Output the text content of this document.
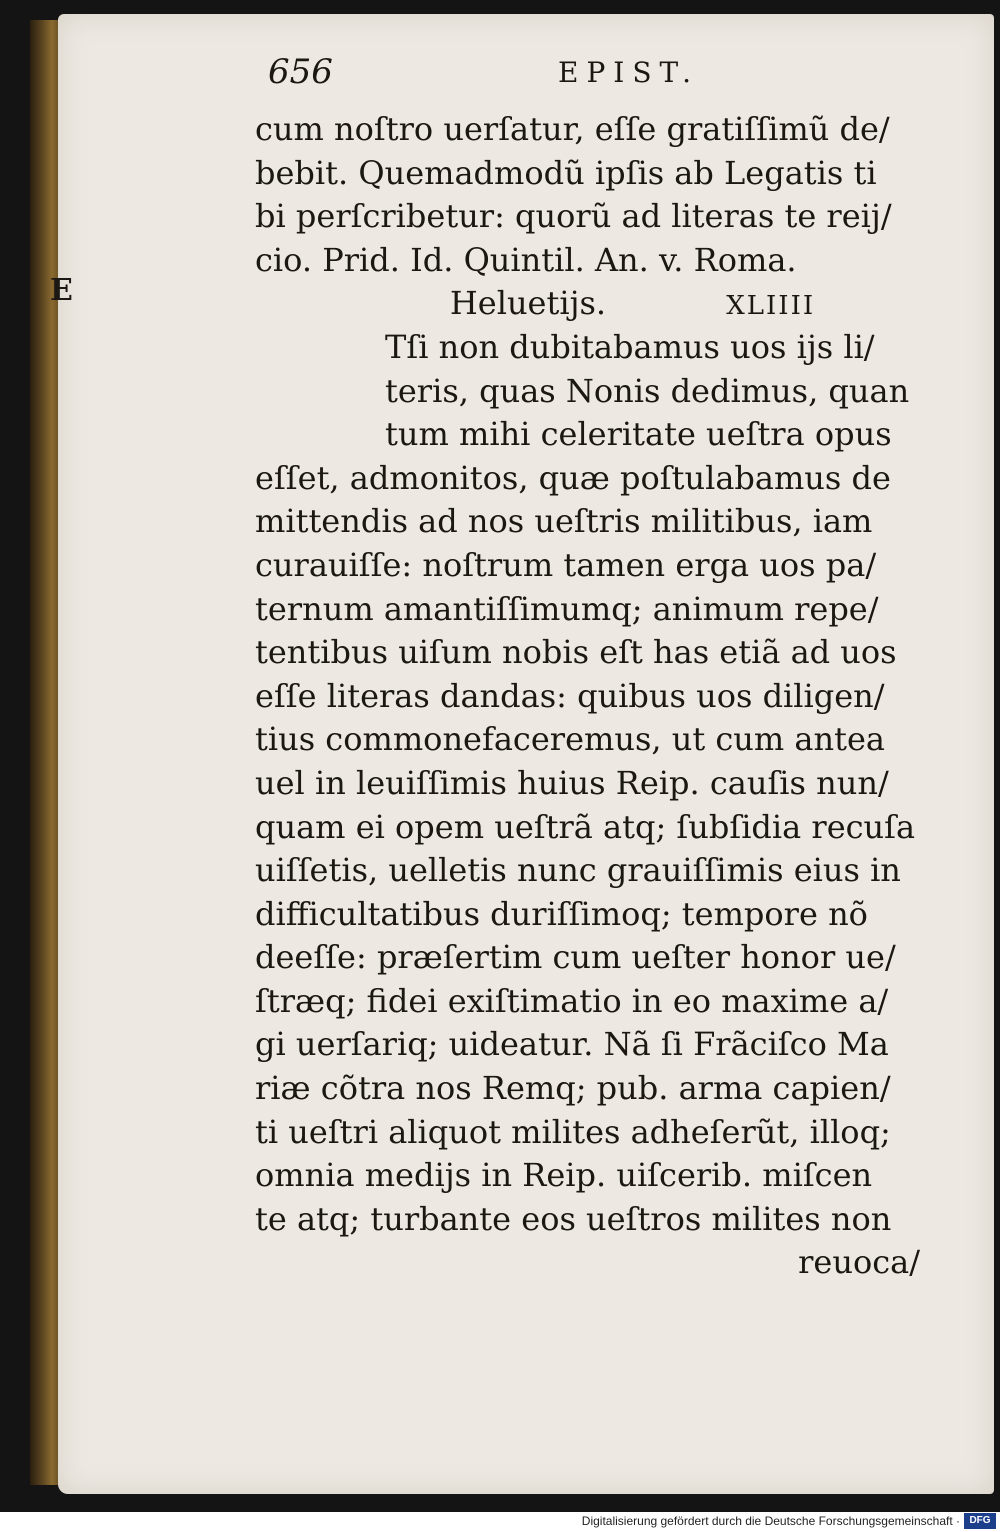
656	EPIST.
E
cum noſtro uerſatur, eſſe gratiſſimũ de/
bebit. Quemadmodũ ipſis ab Legatis ti
bi perſcribetur: quorũ ad literas te reij/
cio. Prid. Id. Quintil. An. v. Roma.
Heluetijs.	XLIIII
Tſi non dubitabamus uos ijs li/
teris, quas Nonis dedimus, quan
tum mihi celeritate ueſtra opus
eſſet, admonitos, quæ poſtulabamus de
mittendis ad nos ueſtris militibus, iam
curauiſſe: noſtrum tamen erga uos pa/
ternum amantiſſimumq; animum repe/
tentibus uiſum nobis eſt has etiã ad uos
eſſe literas dandas: quibus uos diligen/
tius commonefaceremus, ut cum antea
uel in leuiſſimis huius Reip. cauſis nun/
quam ei opem ueſtrã atq; ſubſidia recuſa
uiſſetis, uelletis nunc grauiſſimis eius in
difficultatibus duriſſimoq; tempore nõ
deeſſe: præſertim cum ueſter honor ue/
ſtræq; fidei exiſtimatio in eo maxime a/
gi uerſariq; uideatur. Nã ſi Frãciſco Ma
riæ cõtra nos Remq; pub. arma capien/
ti ueſtri aliquot milites adheſerũt, illoq;
omnia medijs in Reip. uiſcerib. miſcen
te atq; turbante eos ueſtros milites non
reuoca/
Digitalisierung gefördert durch die Deutsche Forschungsgemeinschaft · DFG
